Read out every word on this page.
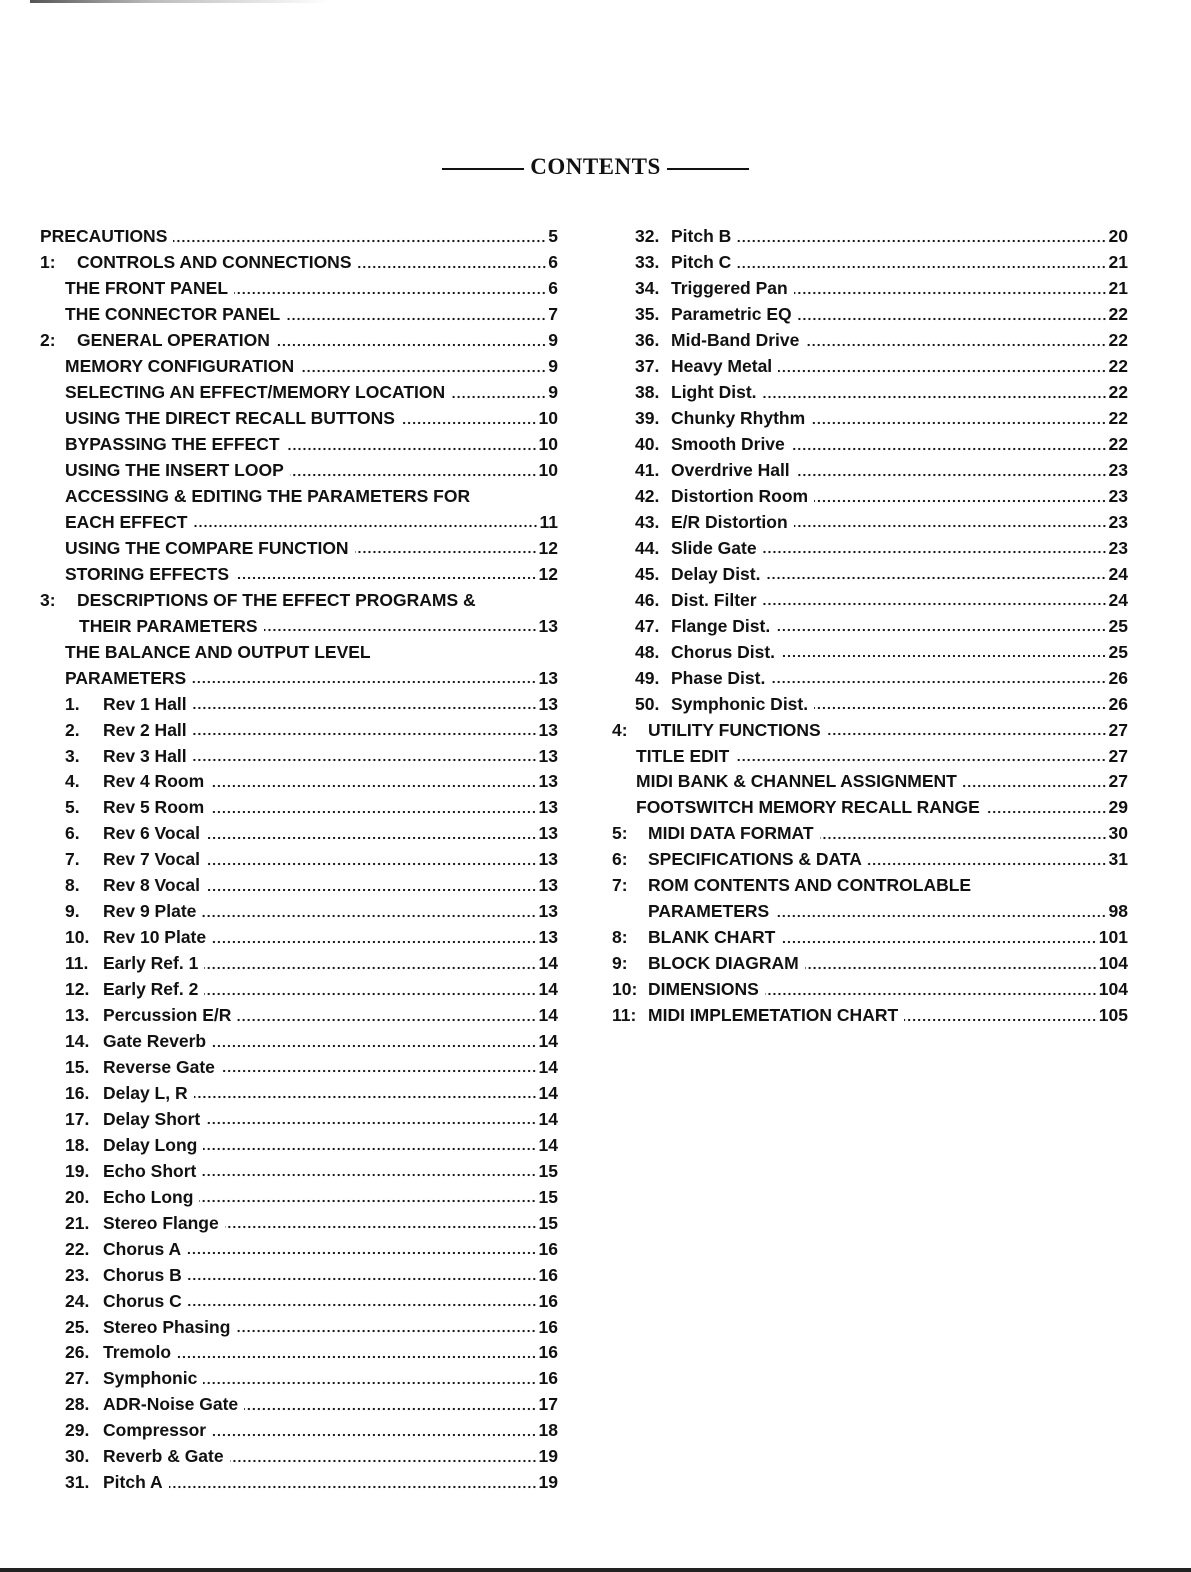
CONTENTS
PRECAUTIONS	5
1:	CONTROLS AND CONNECTIONS	6
THE FRONT PANEL	6
THE CONNECTOR PANEL	7
2:	GENERAL OPERATION	9
MEMORY CONFIGURATION	9
SELECTING AN EFFECT/MEMORY LOCATION	9
USING THE DIRECT RECALL BUTTONS	10
BYPASSING THE EFFECT	10
USING THE INSERT LOOP	10
ACCESSING & EDITING THE PARAMETERS FOR
EACH EFFECT	11
USING THE COMPARE FUNCTION	12
STORING EFFECTS	12
3:	DESCRIPTIONS OF THE EFFECT PROGRAMS &
THEIR PARAMETERS	13
THE BALANCE AND OUTPUT LEVEL
PARAMETERS	13
1.	Rev 1 Hall	13
2.	Rev 2 Hall	13
3.	Rev 3 Hall	13
4.	Rev 4 Room	13
5.	Rev 5 Room	13
6.	Rev 6 Vocal	13
7.	Rev 7 Vocal	13
8.	Rev 8 Vocal	13
9.	Rev 9 Plate	13
10. Rev 10 Plate	13
11. Early Ref. 1	14
12. Early Ref. 2	14
13. Percussion E/R	14
14. Gate Reverb	14
15. Reverse Gate	14
16. Delay L, R	14
17. Delay Short	14
18. Delay Long	14
19. Echo Short	15
20. Echo Long	15
21. Stereo Flange	15
22. Chorus A	16
23. Chorus B	16
24. Chorus C	16
25. Stereo Phasing	16
26. Tremolo	16
27. Symphonic	16
28. ADR-Noise Gate	17
29. Compressor	18
30. Reverb & Gate	19
31. Pitch A	19
32. Pitch B	20
33. Pitch C	21
34. Triggered Pan	21
35. Parametric EQ	22
36. Mid-Band Drive	22
37. Heavy Metal	22
38. Light Dist.	22
39. Chunky Rhythm	22
40. Smooth Drive	22
41. Overdrive Hall	23
42. Distortion Room	23
43. E/R Distortion	23
44. Slide Gate	23
45. Delay Dist.	24
46. Dist. Filter	24
47. Flange Dist.	25
48. Chorus Dist.	25
49. Phase Dist.	26
50. Symphonic Dist.	26
4:	UTILITY FUNCTIONS	27
TITLE EDIT	27
MIDI BANK & CHANNEL ASSIGNMENT	27
FOOTSWITCH MEMORY RECALL RANGE	29
5:	MIDI DATA FORMAT	30
6:	SPECIFICATIONS & DATA	31
7:	ROM CONTENTS AND CONTROLABLE
PARAMETERS	98
8:	BLANK CHART	101
9:	BLOCK DIAGRAM	104
10: DIMENSIONS	104
11: MIDI IMPLEMETATION CHART	105
